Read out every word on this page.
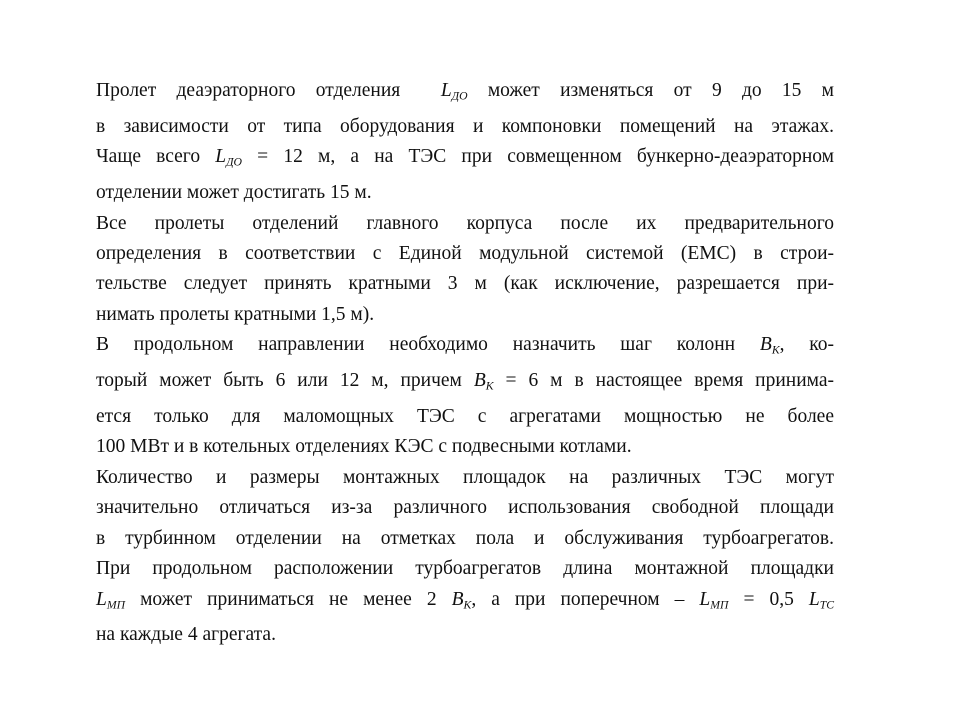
Пролет деаэраторного отделения $L_{ДО}$ может изменяться от 9 до 15 м
в зависимости от типа оборудования и компоновки помещений на этажах.
Чаще всего $L_{ДО} = 12$ м, а на ТЭС при совмещенном бункерно-деаэраторном
отделении может достигать 15 м.

Все пролеты отделений главного корпуса после их предварительного
определения в соответствии с Единой модульной системой (ЕМС) в строи-
тельстве следует принять кратными 3 м (как исключение, разрешается при-
нимать пролеты кратными 1,5 м).

В продольном направлении необходимо назначить шаг колонн $B_K$, ко-
торый может быть 6 или 12 м, причем $B_K = 6$ м в настоящее время принима-
ется только для маломощных ТЭС с агрегатами мощностью не более
100 МВт и в котельных отделениях КЭС с подвесными котлами.

Количество и размеры монтажных площадок на различных ТЭС могут
значительно отличаться из-за различного использования свободной площади
в турбинном отделении на отметках пола и обслуживания турбоагрегатов.
При продольном расположении турбоагрегатов длина монтажной площадки
$L_{МП}$ может приниматься не менее 2 $B_K$, а при поперечном – $L_{МП} = 0,5$ $L_{TC}$
на каждые 4 агрегата.
